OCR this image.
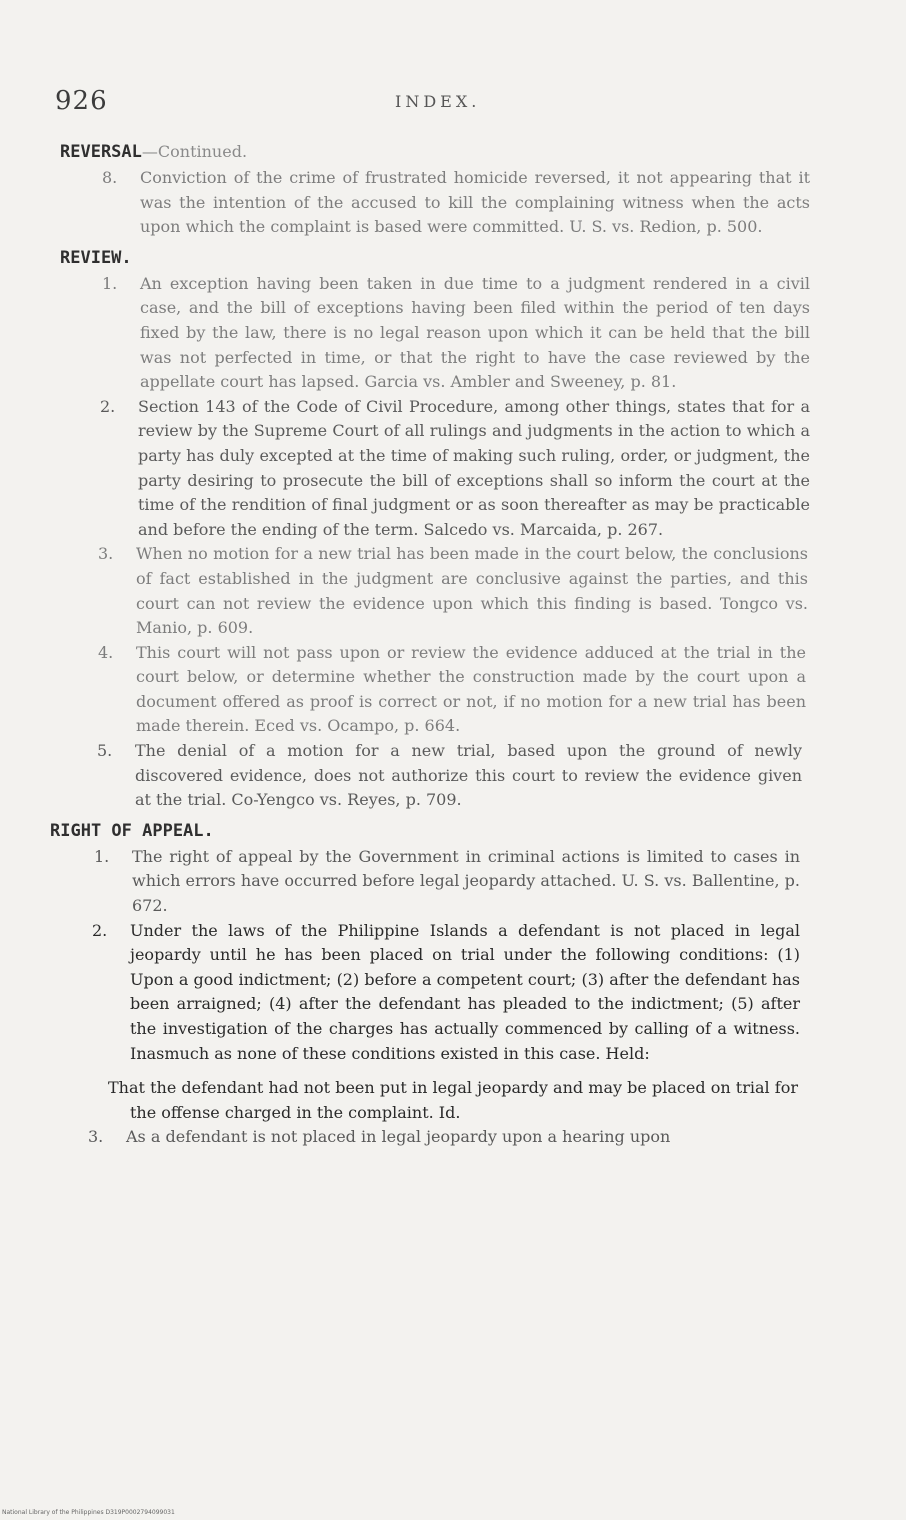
926	INDEX.
REVERSAL—Continued.
8. Conviction of the crime of frustrated homicide reversed, it not appearing that it was the intention of the accused to kill the complaining witness when the acts upon which the complaint is based were committed. U. S. vs. Redion, p. 500.
REVIEW.
1. An exception having been taken in due time to a judgment rendered in a civil case, and the bill of exceptions having been filed within the period of ten days fixed by the law, there is no legal reason upon which it can be held that the bill was not perfected in time, or that the right to have the case reviewed by the appellate court has lapsed. Garcia vs. Ambler and Sweeney, p. 81.
2. Section 143 of the Code of Civil Procedure, among other things, states that for a review by the Supreme Court of all rulings and judgments in the action to which a party has duly excepted at the time of making such ruling, order, or judgment, the party desiring to prosecute the bill of exceptions shall so inform the court at the time of the rendition of final judgment or as soon thereafter as may be practicable and before the ending of the term. Salcedo vs. Marcaida, p. 267.
3. When no motion for a new trial has been made in the court below, the conclusions of fact established in the judgment are conclusive against the parties, and this court can not review the evidence upon which this finding is based. Tongco vs. Manio, p. 609.
4. This court will not pass upon or review the evidence adduced at the trial in the court below, or determine whether the construction made by the court upon a document offered as proof is correct or not, if no motion for a new trial has been made therein. Eced vs. Ocampo, p. 664.
5. The denial of a motion for a new trial, based upon the ground of newly discovered evidence, does not authorize this court to review the evidence given at the trial. Co-Yengco vs. Reyes, p. 709.
RIGHT OF APPEAL.
1. The right of appeal by the Government in criminal actions is limited to cases in which errors have occurred before legal jeopardy attached. U. S. vs. Ballentine, p. 672.
2. Under the laws of the Philippine Islands a defendant is not placed in legal jeopardy until he has been placed on trial under the following conditions: (1) Upon a good indictment; (2) before a competent court; (3) after the defendant has been arraigned; (4) after the defendant has pleaded to the indictment; (5) after the investigation of the charges has actually commenced by calling of a witness. Inasmuch as none of these conditions existed in this case. Held:
That the defendant had not been put in legal jeopardy and may be placed on trial for the offense charged in the complaint. Id.
3. As a defendant is not placed in legal jeopardy upon a hearing upon
National Library of the Philippines D319P0002794099031
